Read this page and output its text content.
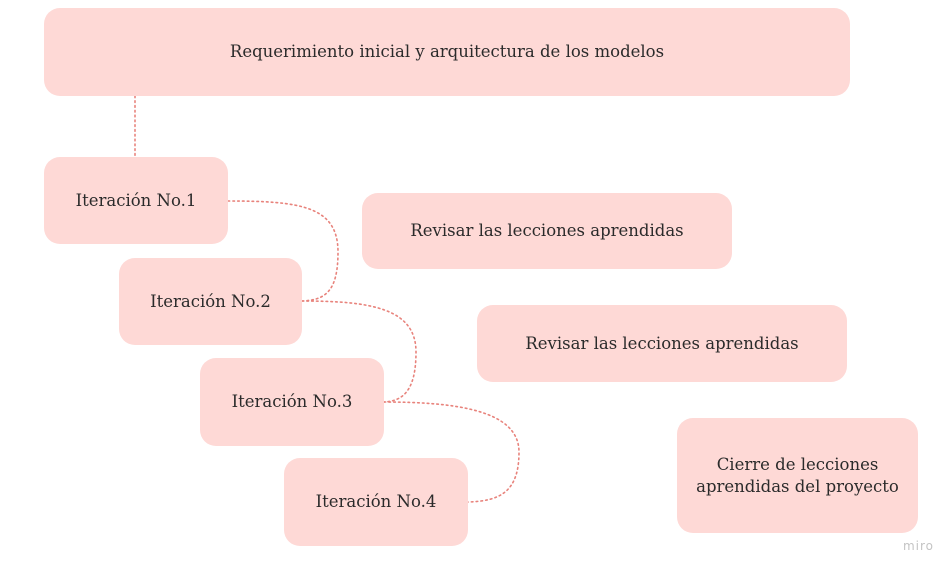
Requerimiento inicial y arquitectura de los modelos
Iteración No.1
Iteración No.2
Iteración No.3
Iteración No.4
Revisar las lecciones aprendidas
Revisar las lecciones aprendidas
Cierre de lecciones aprendidas del proyecto
miro
